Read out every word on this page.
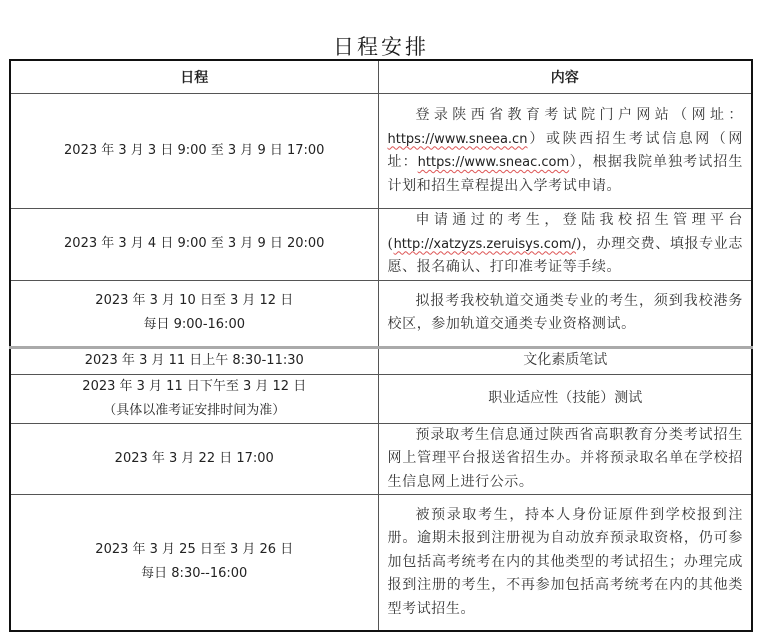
日程安排
日程	内容

2023 年 3 月 3 日 9:00 至 3 月 9 日 17:00	登录陕西省教育考试院门户网站（网址：https://www.sneea.cn）或陕西招生考试信息网（网址：https://www.sneac.com），根据我院单独考试招生计划和招生章程提出入学考试申请。

2023 年 3 月 4 日 9:00 至 3 月 9 日 20:00	申请通过的考生，登陆我校招生管理平台(http://xatzyzs.zeruisys.com/)，办理交费、填报专业志愿、报名确认、打印准考证等手续。

2023 年 3 月 10 日至 3 月 12 日
每日 9:00-16:00	拟报考我校轨道交通类专业的考生，须到我校港务校区，参加轨道交通类专业资格测试。

2023 年 3 月 11 日上午 8:30-11:30	文化素质笔试

2023 年 3 月 11 日下午至 3 月 12 日
（具体以准考证安排时间为准）	职业适应性（技能）测试

2023 年 3 月 22 日 17:00	预录取考生信息通过陕西省高职教育分类考试招生网上管理平台报送省招生办。并将预录取名单在学校招生信息网上进行公示。

2023 年 3 月 25 日至 3 月 26 日
每日 8:30--16:00	被预录取考生，持本人身份证原件到学校报到注册。逾期未报到注册视为自动放弃预录取资格，仍可参加包括高考统考在内的其他类型的考试招生；办理完成报到注册的考生，不再参加包括高考统考在内的其他类型考试招生。
